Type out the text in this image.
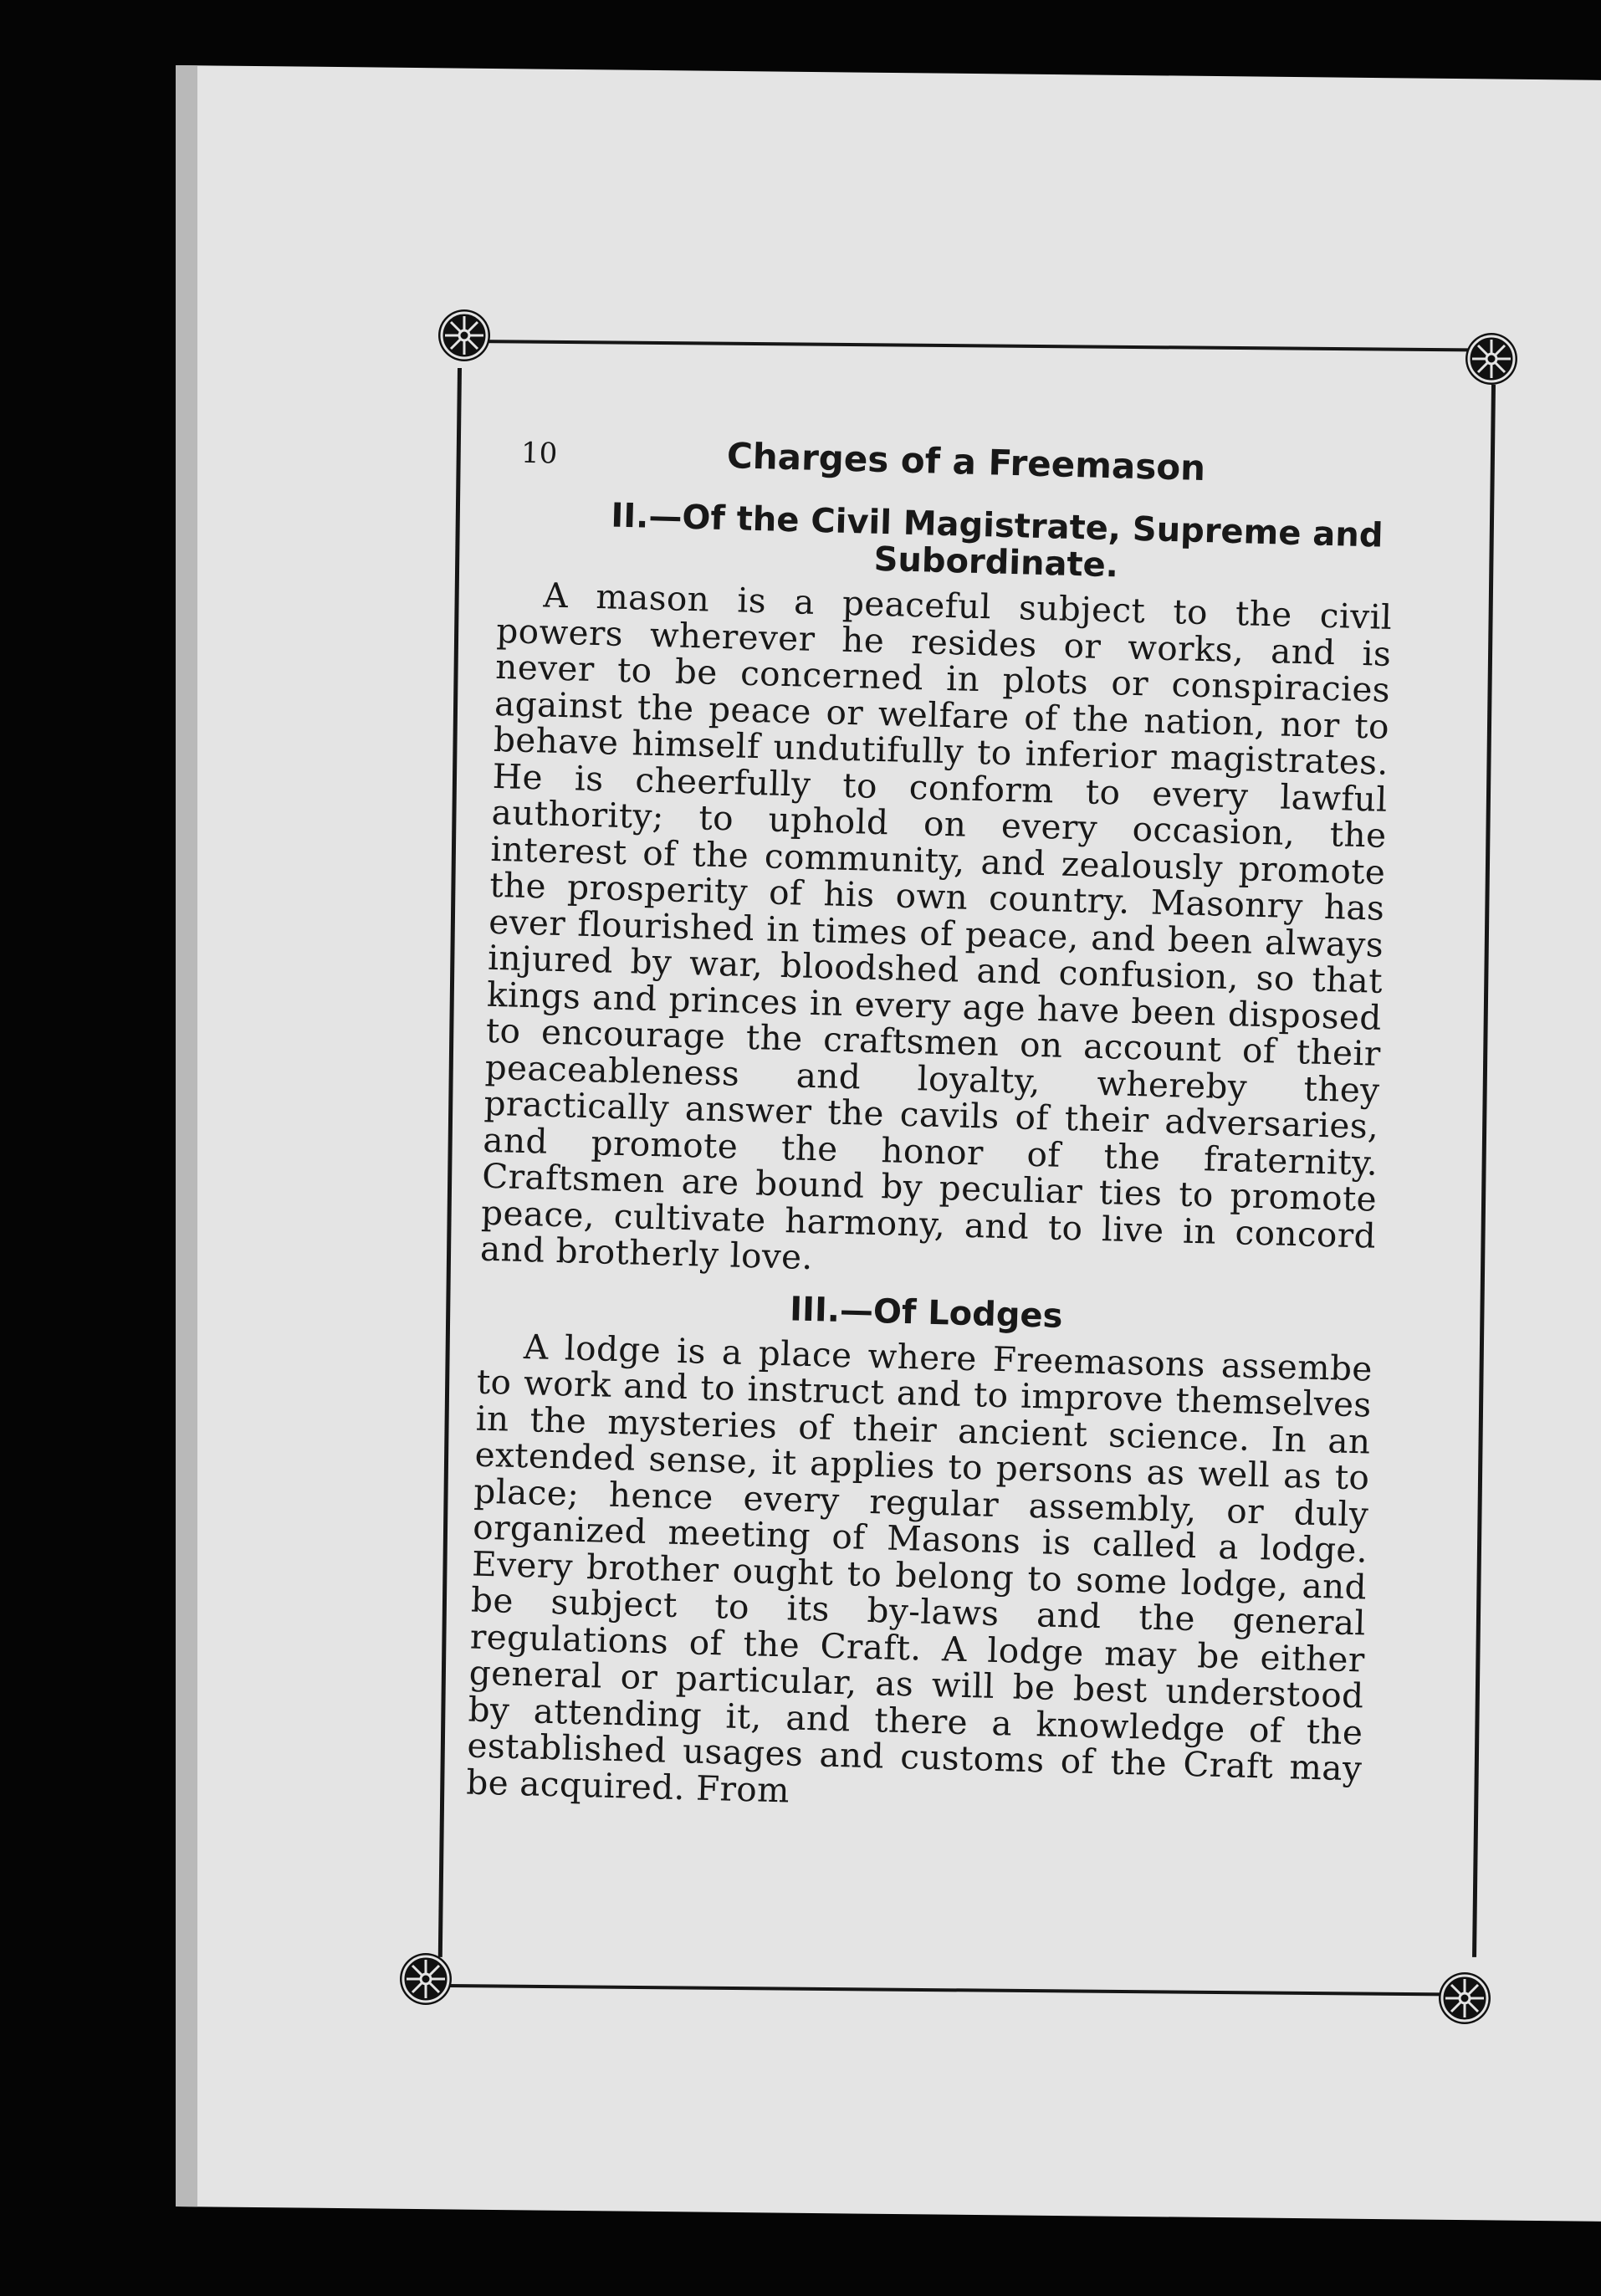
10	Charges of a Freemason
II.—Of the Civil Magistrate, Supreme and Subordinate.

A mason is a peaceful subject to the civil powers wherever he resides or works, and is never to be concerned in plots or conspiracies against the peace or welfare of the nation, nor to behave himself undutifully to inferior magistrates. He is cheerfully to conform to every lawful authority; to uphold on every occasion, the interest of the community, and zealously promote the prosperity of his own country. Masonry has ever flourished in times of peace, and been always injured by war, bloodshed and confusion, so that kings and princes in every age have been disposed to encourage the craftsmen on account of their peaceableness and loyalty, whereby they practically answer the cavils of their adversaries, and promote the honor of the fraternity. Craftsmen are bound by peculiar ties to promote peace, cultivate harmony, and to live in concord and brotherly love.

III.—Of Lodges

A lodge is a place where Freemasons assembe to work and to instruct and to improve themselves in the mysteries of their ancient science. In an extended sense, it applies to persons as well as to place; hence every regular assembly, or duly organized meeting of Masons is called a lodge. Every brother ought to belong to some lodge, and be subject to its by-laws and the general regulations of the Craft. A lodge may be either general or particular, as will be best understood by attending it, and there a knowledge of the established usages and customs of the Craft may be acquired. From
